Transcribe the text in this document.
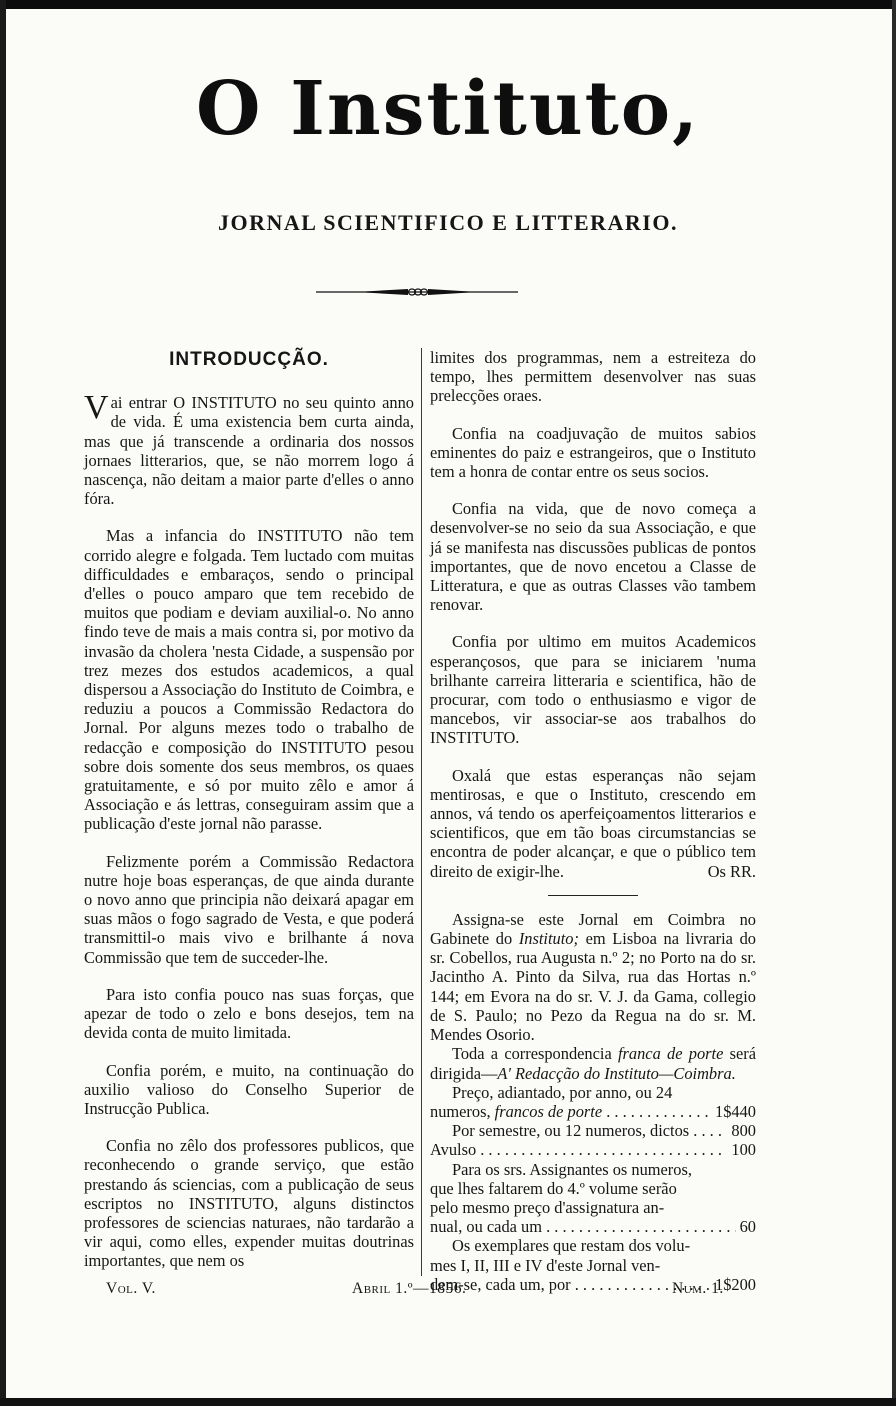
O Instituto,
JORNAL SCIENTIFICO E LITTERARIO.
INTRODUCÇÃO.

Vai entrar O INSTITUTO no seu quinto anno de vida. É uma existencia bem curta ainda, mas que já transcende a ordinaria dos nossos jornaes litterarios, que, se não morrem logo á nascença, não deitam a maior parte d'elles o anno fóra.

Mas a infancia do INSTITUTO não tem corrido alegre e folgada. Tem luctado com muitas difficuldades e embaraços, sendo o principal d'elles o pouco amparo que tem recebido de muitos que podiam e deviam auxilial-o. No anno findo teve de mais a mais contra si, por motivo da invasão da cholera 'nesta Cidade, a suspensão por trez mezes dos estudos academicos, a qual dispersou a Associação do Instituto de Coimbra, e reduziu a poucos a Commissão Redactora do Jornal. Por alguns mezes todo o trabalho de redacção e composição do INSTITUTO pesou sobre dois somente dos seus membros, os quaes gratuitamente, e só por muito zêlo e amor á Associação e ás lettras, conseguiram assim que a publicação d'este jornal não parasse.

Felizmente porém a Commissão Redactora nutre hoje boas esperanças, de que ainda durante o novo anno que principia não deixará apagar em suas mãos o fogo sagrado de Vesta, e que poderá transmittil-o mais vivo e brilhante á nova Commissão que tem de succeder-lhe.

Para isto confia pouco nas suas forças, que apezar de todo o zelo e bons desejos, tem na devida conta de muito limitada.

Confia porém, e muito, na continuação do auxilio valioso do Conselho Superior de Instrucção Publica.

Confia no zêlo dos professores publicos, que reconhecendo o grande serviço, que estão prestando ás sciencias, com a publicação de seus escriptos no INSTITUTO, alguns distinctos professores de sciencias naturaes, não tardarão a vir aqui, como elles, expender muitas doutrinas importantes, que nem os

limites dos programmas, nem a estreiteza do tempo, lhes permittem desenvolver nas suas prelecções oraes.

Confia na coadjuvação de muitos sabios eminentes do paiz e estrangeiros, que o Instituto tem a honra de contar entre os seus socios.

Confia na vida, que de novo começa a desenvolver-se no seio da sua Associação, e que já se manifesta nas discussões publicas de pontos importantes, que de novo encetou a Classe de Litteratura, e que as outras Classes vão tambem renovar.

Confia por ultimo em muitos Academicos esperançosos, que para se iniciarem 'numa brilhante carreira litteraria e scientifica, hão de procurar, com todo o enthusiasmo e vigor de mancebos, vir associar-se aos trabalhos do INSTITUTO.

Oxalá que estas esperanças não sejam mentirosas, e que o Instituto, crescendo em annos, vá tendo os aperfeiçoamentos litterarios e scientificos, que em tão boas circumstancias se encontra de poder alcançar, e que o público tem direito de exigir-lhe.	Os RR.

Assigna-se este Jornal em Coimbra no Gabinete do Instituto; em Lisboa na livraria do sr. Cobellos, rua Augusta n.º 2; no Porto na do sr. Jacintho A. Pinto da Silva, rua das Hortas n.º 144; em Evora na do sr. V. J. da Gama, collegio de S. Paulo; no Pezo da Regua na do sr. M. Mendes Osorio.

Toda a correspondencia franca de porte será dirigida—A' Redacção do Instituto—Coimbra.

Preço, adiantado, por anno, ou 24
numeros, francos de porte . . .	1$440
Por semestre, ou 12 numeros, dictos . . .	800
Avulso . . .	100
Para os srs. Assignantes os numeros,
que lhes faltarem do 4.º volume serão
pelo mesmo preço d'assignatura an-
nual, ou cada um . . .	60
Os exemplares que restam dos volu-
mes I, II, III e IV d'este Jornal ven-
dem-se, cada um, por . . .	1$200
Vol. V.	Abril 1.º—1856.	Num. 1.
